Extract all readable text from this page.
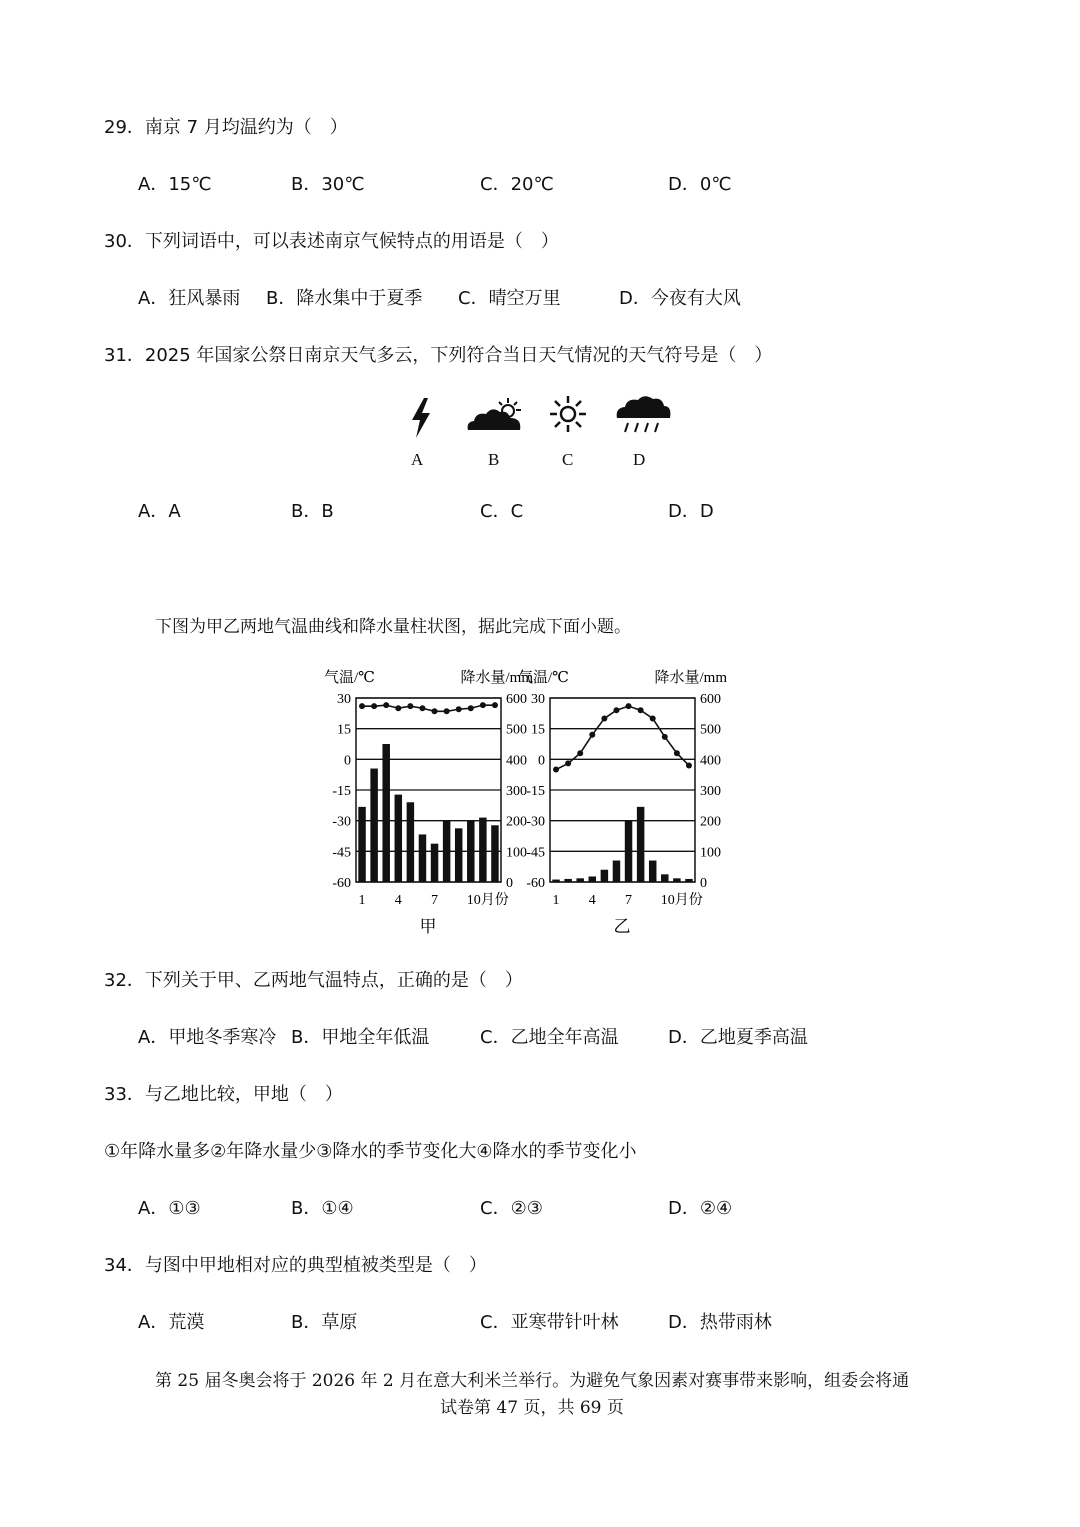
29．南京 7 月均温约为（　）
A．15℃	B．30℃	C．20℃	D．0℃
30．下列词语中，可以表述南京气候特点的用语是（　）
A．狂风暴雨 B．降水集中于夏季 C．晴空万里	D．今夜有大风
31．2025 年国家公祭日南京天气多云，下列符合当日天气情况的天气符号是（　）
A	B	C	D
A．A	B．B	C．C	D．D
下图为甲乙两地气温曲线和降水量柱状图，据此完成下面小题。
气温/℃	降水量/mm
30
15
0
-15
-30
-45
-60
600
500
400
300
200
100
0
1 4 7 10月份
甲
气温/℃	降水量/mm
30
15
0
-15
-30
-45
-60
600
500
400
300
200
100
0
1 4 7 10月份
乙
32．下列关于甲、乙两地气温特点，正确的是（　）
A．甲地冬季寒冷 B．甲地全年低温	C．乙地全年高温	D．乙地夏季高温
33．与乙地比较，甲地（　）
①年降水量多②年降水量少③降水的季节变化大④降水的季节变化小
A．①③	B．①④	C．②③	D．②④
34．与图中甲地相对应的典型植被类型是（　）
A．荒漠	B．草原	C．亚寒带针叶林	D．热带雨林
第 25 届冬奥会将于 2026 年 2 月在意大利米兰举行。为避免气象因素对赛事带来影响，组委会将通
试卷第 47 页，共 69 页
